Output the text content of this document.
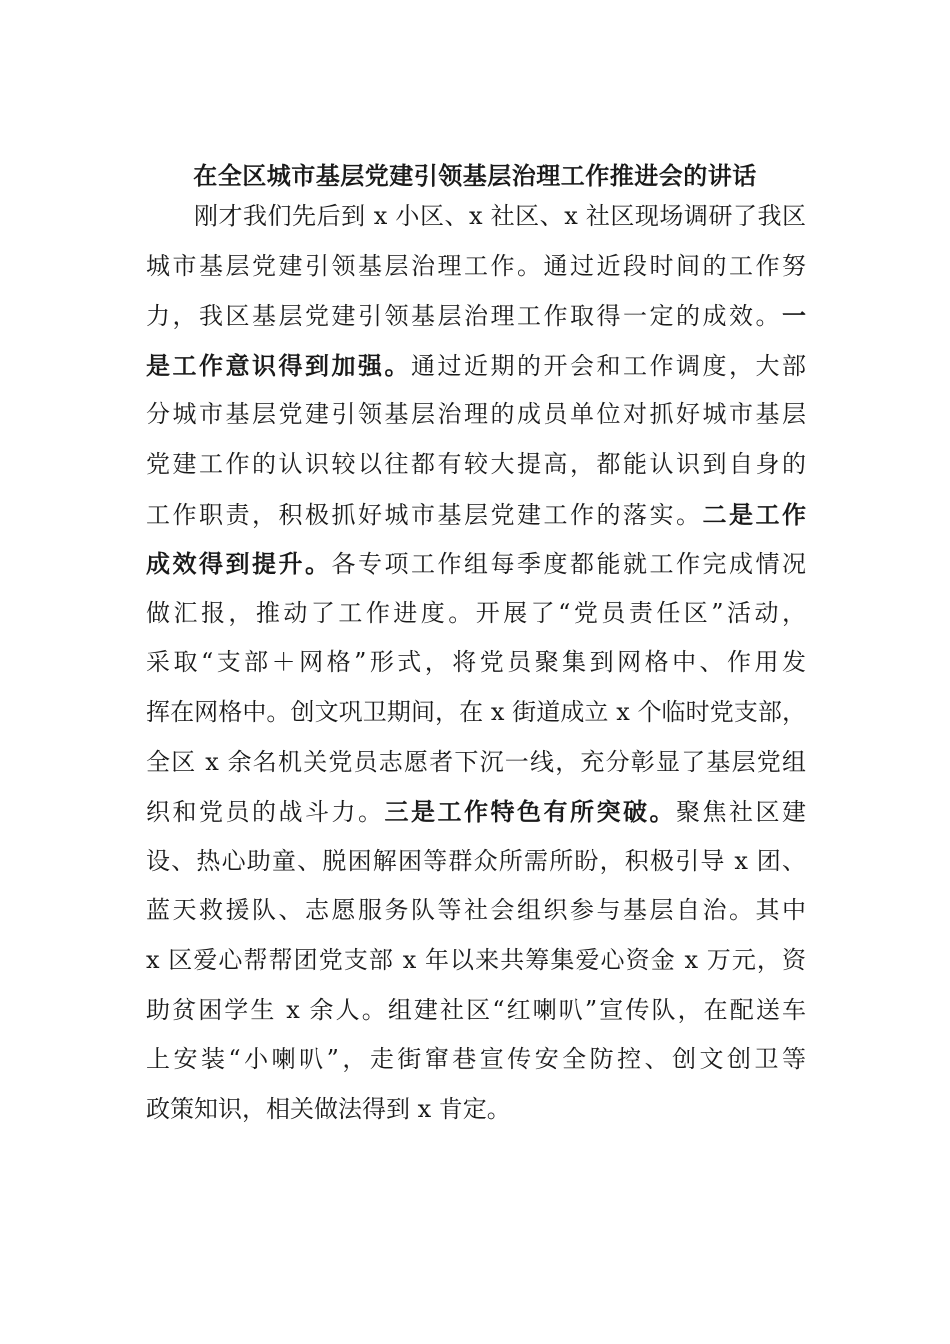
在全区城市基层党建引领基层治理工作推进会的讲话
刚才我们先后到 x 小区、x 社区、x 社区现场调研了我区
城市基层党建引领基层治理工作。通过近段时间的工作努
力，我区基层党建引领基层治理工作取得一定的成效。一
是工作意识得到加强。通过近期的开会和工作调度，大部
分城市基层党建引领基层治理的成员单位对抓好城市基层
党建工作的认识较以往都有较大提高，都能认识到自身的
工作职责，积极抓好城市基层党建工作的落实。二是工作
成效得到提升。各专项工作组每季度都能就工作完成情况
做汇报，推动了工作进度。开展了“党员责任区”活动，
采取“支部＋网格”形式，将党员聚集到网格中、作用发
挥在网格中。创文巩卫期间，在 x 街道成立 x 个临时党支部，
全区 x 余名机关党员志愿者下沉一线，充分彰显了基层党组
织和党员的战斗力。三是工作特色有所突破。聚焦社区建
设、热心助童、脱困解困等群众所需所盼，积极引导 x 团、
蓝天救援队、志愿服务队等社会组织参与基层自治。其中
x 区爱心帮帮团党支部 x 年以来共筹集爱心资金 x 万元，资
助贫困学生 x 余人。组建社区“红喇叭”宣传队，在配送车
上安装“小喇叭”，走街窜巷宣传安全防控、创文创卫等
政策知识，相关做法得到 x 肯定。
